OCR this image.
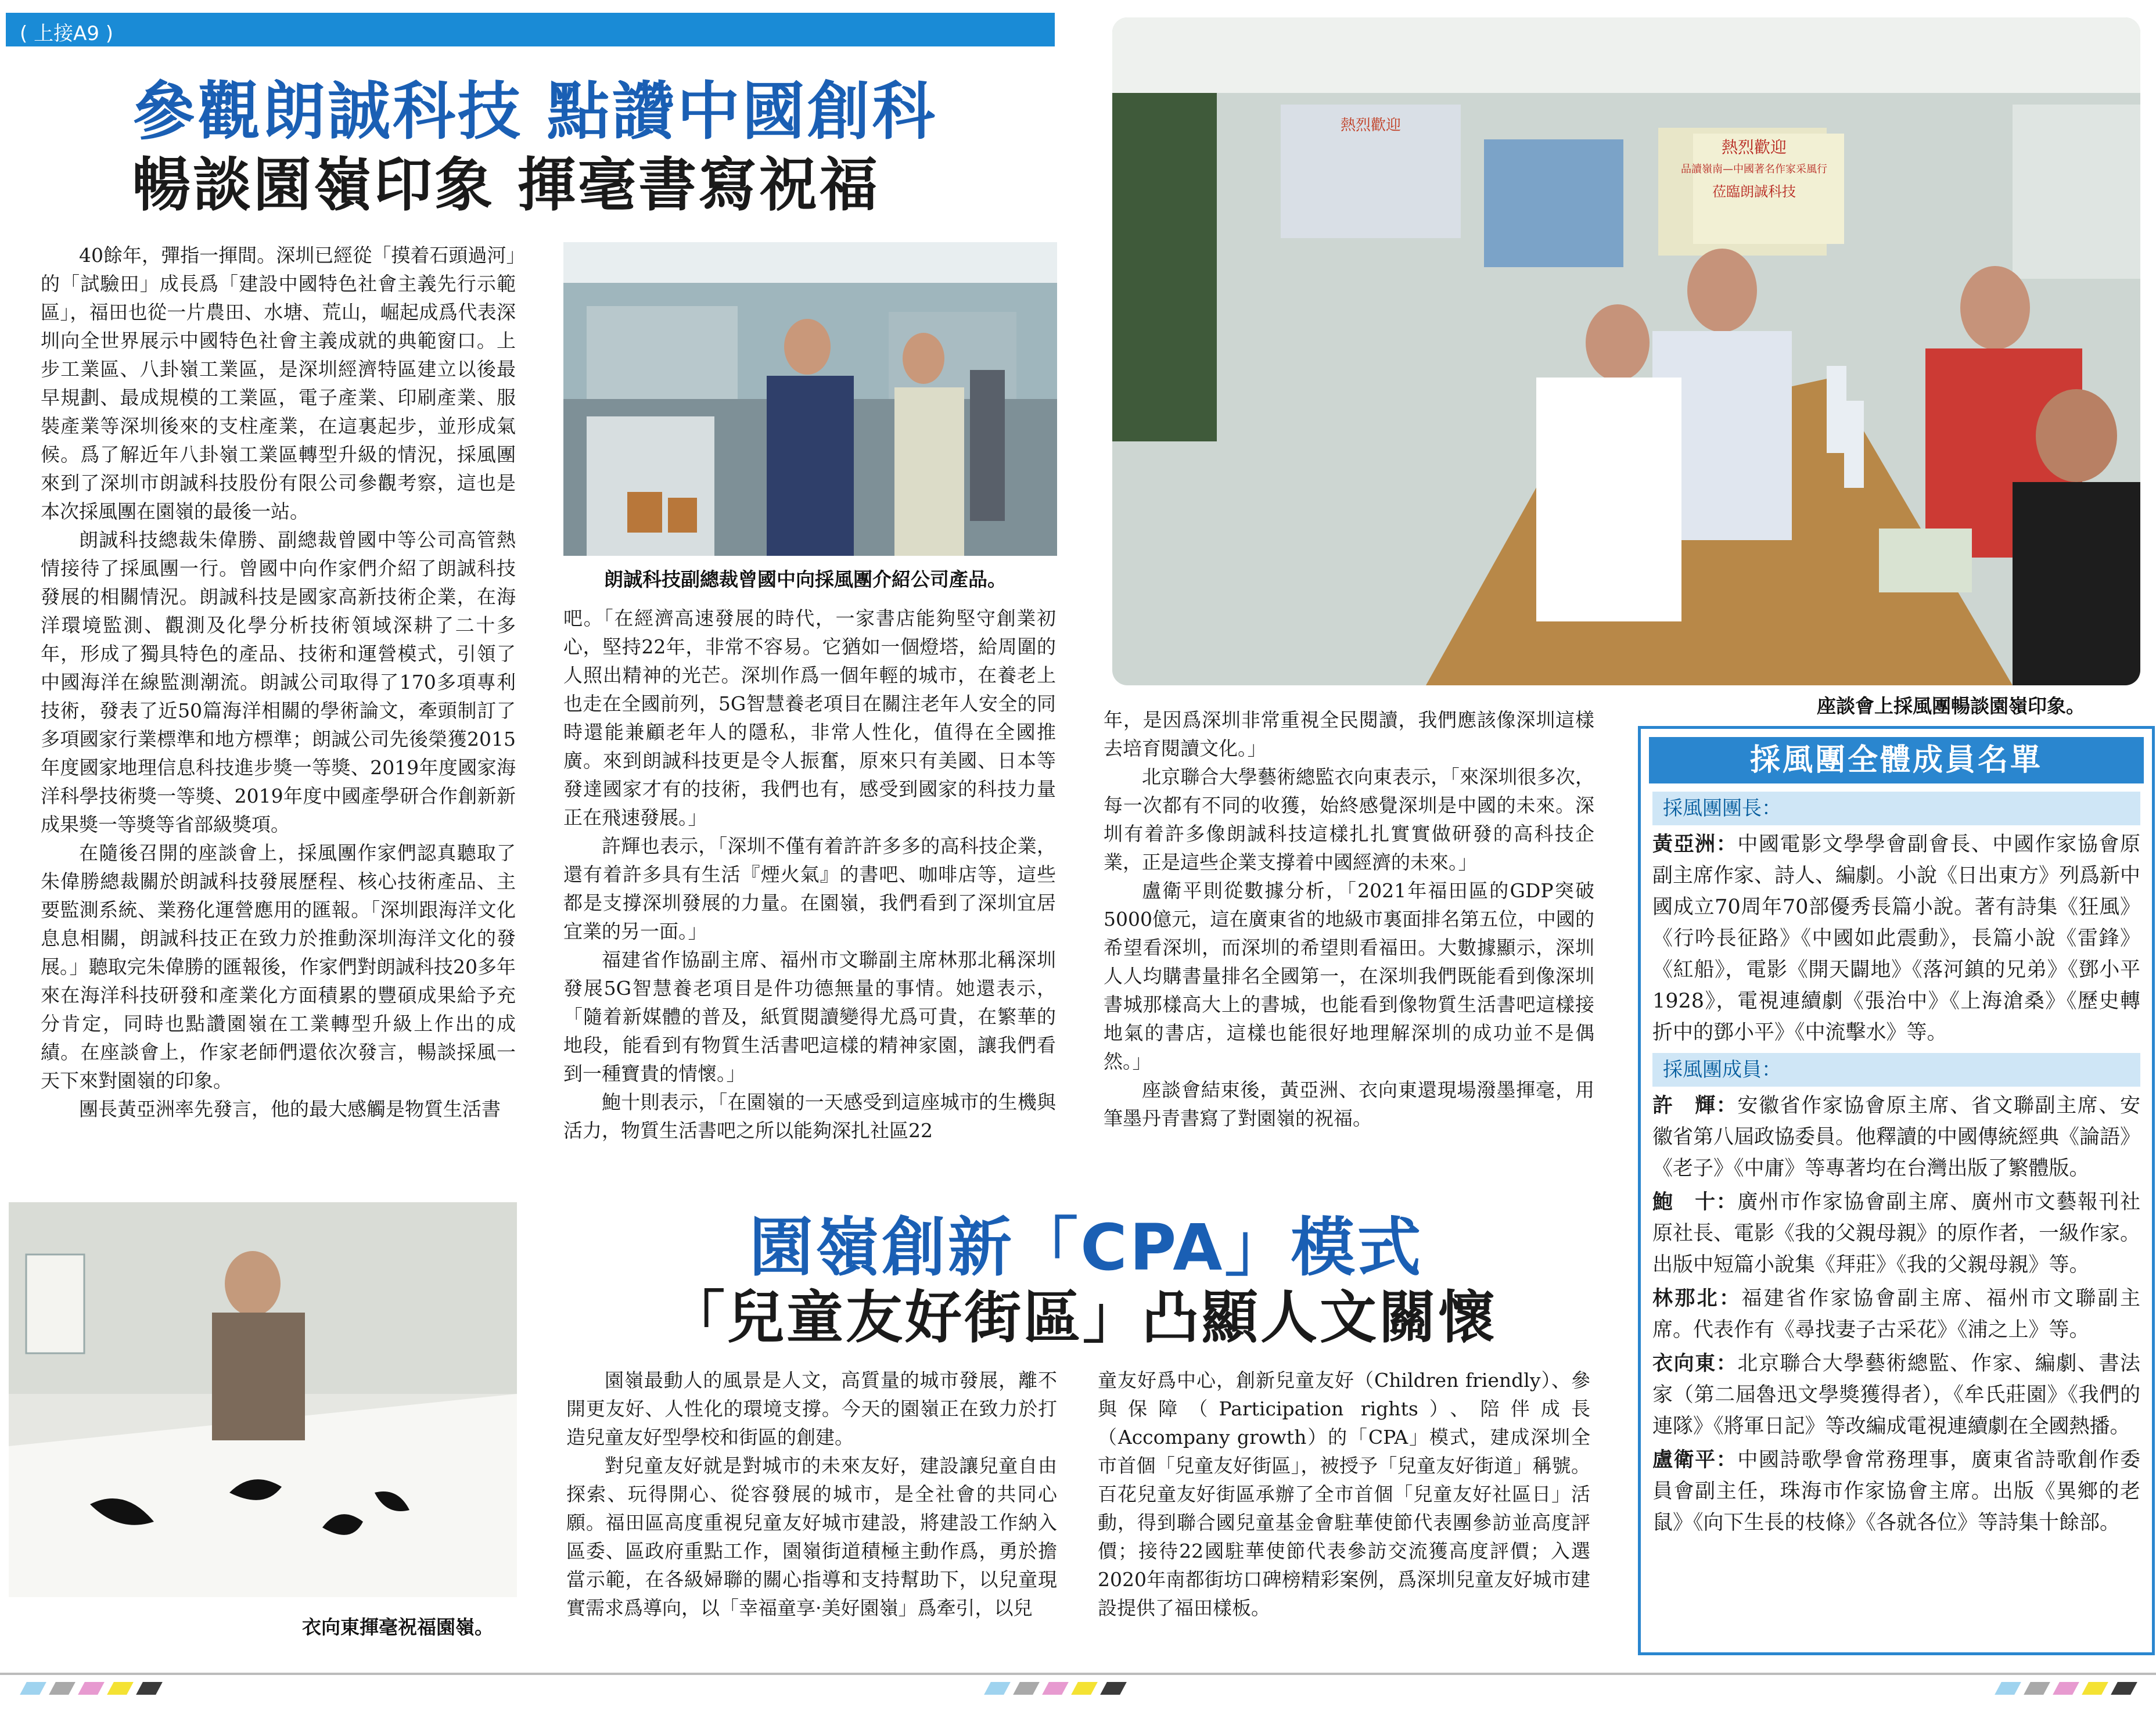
( 上接A9 )
參觀朗誠科技 點讚中國創科
暢談園嶺印象 揮毫書寫祝福

40餘年，彈指一揮間。深圳已經從「摸着石頭過河」的「試驗田」成長爲「建設中國特色社會主義先行示範區」，福田也從一片農田、水塘、荒山，崛起成爲代表深圳向全世界展示中國特色社會主義成就的典範窗口。上步工業區、八卦嶺工業區，是深圳經濟特區建立以後最早規劃、最成規模的工業區，電子產業、印刷產業、服裝產業等深圳後來的支柱產業，在這裏起步，並形成氣候。爲了解近年八卦嶺工業區轉型升級的情況，採風團來到了深圳市朗誠科技股份有限公司參觀考察，這也是本次採風團在園嶺的最後一站。

朗誠科技總裁朱偉勝、副總裁曾國中等公司高管熱情接待了採風團一行。曾國中向作家們介紹了朗誠科技發展的相關情況。朗誠科技是國家高新技術企業，在海洋環境監測、觀測及化學分析技術領域深耕了二十多年，形成了獨具特色的產品、技術和運營模式，引領了中國海洋在線監測潮流。朗誠公司取得了170多項專利技術，發表了近50篇海洋相關的學術論文，牽頭制訂了多項國家行業標準和地方標準；朗誠公司先後榮獲2015年度國家地理信息科技進步獎一等獎、2019年度國家海洋科學技術獎一等獎、2019年度中國產學研合作創新新成果獎一等獎等省部級獎項。

在隨後召開的座談會上，採風團作家們認真聽取了朱偉勝總裁關於朗誠科技發展歷程、核心技術產品、主要監測系統、業務化運營應用的匯報。「深圳跟海洋文化息息相關，朗誠科技正在致力於推動深圳海洋文化的發展。」聽取完朱偉勝的匯報後，作家們對朗誠科技20多年來在海洋科技研發和產業化方面積累的豐碩成果給予充分肯定，同時也點讚園嶺在工業轉型升級上作出的成績。在座談會上，作家老師們還依次發言，暢談採風一天下來對園嶺的印象。

團長黃亞洲率先發言，他的最大感觸是物質生活書

朗誠科技副總裁曾國中向採風團介紹公司產品。

吧。「在經濟高速發展的時代，一家書店能夠堅守創業初心，堅持22年，非常不容易。它猶如一個燈塔，給周圍的人照出精神的光芒。深圳作爲一個年輕的城市，在養老上也走在全國前列，5G智慧養老項目在關注老年人安全的同時還能兼顧老年人的隱私，非常人性化，值得在全國推廣。來到朗誠科技更是令人振奮，原來只有美國、日本等發達國家才有的技術，我們也有，感受到國家的科技力量正在飛速發展。」

許輝也表示，「深圳不僅有着許許多多的高科技企業，還有着許多具有生活『煙火氣』的書吧、咖啡店等，這些都是支撐深圳發展的力量。在園嶺，我們看到了深圳宜居宜業的另一面。」

福建省作協副主席、福州市文聯副主席林那北稱深圳發展5G智慧養老項目是件功德無量的事情。她還表示，「隨着新媒體的普及，紙質閱讀變得尤爲可貴，在繁華的地段，能看到有物質生活書吧這樣的精神家園，讓我們看到一種寶貴的情懷。」

鮑十則表示，「在園嶺的一天感受到這座城市的生機與活力，物質生活書吧之所以能夠深扎社區22

熱烈歡迎
熱烈歡迎
品讀嶺南—中國著名作家采風行
莅臨朗誠科技
座談會上採風團暢談園嶺印象。

年，是因爲深圳非常重視全民閱讀，我們應該像深圳這樣去培育閱讀文化。」

北京聯合大學藝術總監衣向東表示，「來深圳很多次，每一次都有不同的收獲，始終感覺深圳是中國的未來。深圳有着許多像朗誠科技這樣扎扎實實做研發的高科技企業，正是這些企業支撐着中國經濟的未來。」

盧衛平則從數據分析，「2021年福田區的GDP突破5000億元，這在廣東省的地級市裏面排名第五位，中國的希望看深圳，而深圳的希望則看福田。大數據顯示，深圳人人均購書量排名全國第一，在深圳我們既能看到像深圳書城那樣高大上的書城，也能看到像物質生活書吧這樣接地氣的書店，這樣也能很好地理解深圳的成功並不是偶然。」

座談會結束後，黃亞洲、衣向東還現場潑墨揮毫，用筆墨丹青書寫了對園嶺的祝福。

採風團全體成員名單
採風團團長：

黃亞洲：中國電影文學學會副會長、中國作家協會原副主席作家、詩人、編劇。小說《日出東方》列爲新中國成立70周年70部優秀長篇小說。著有詩集《狂風》《行吟長征路》《中國如此震動》，長篇小說《雷鋒》《紅船》，電影《開天闢地》《落河鎮的兄弟》《鄧小平1928》，電視連續劇《張治中》《上海滄桑》《歷史轉折中的鄧小平》《中流擊水》等。

採風團成員：

許　輝：安徽省作家協會原主席、省文聯副主席、安徽省第八屆政協委員。他釋讀的中國傳統經典《論語》《老子》《中庸》等專著均在台灣出版了繁體版。

鮑　十：廣州市作家協會副主席、廣州市文藝報刊社原社長、電影《我的父親母親》的原作者，一級作家。出版中短篇小說集《拜莊》《我的父親母親》等。

林那北：福建省作家協會副主席、福州市文聯副主席。代表作有《尋找妻子古采花》《浦之上》等。

衣向東：北京聯合大學藝術總監、作家、編劇、書法家（第二屆魯迅文學獎獲得者），《牟氏莊園》《我們的連隊》《將軍日記》等改編成電視連續劇在全國熱播。

盧衛平：中國詩歌學會常務理事，廣東省詩歌創作委員會副主任，珠海市作家協會主席。出版《異鄉的老鼠》《向下生長的枝條》《各就各位》等詩集十餘部。

衣向東揮毫祝福園嶺。
園嶺創新「CPA」模式
「兒童友好街區」凸顯人文關懷

園嶺最動人的風景是人文，高質量的城市發展，離不開更友好、人性化的環境支撐。今天的園嶺正在致力於打造兒童友好型學校和街區的創建。

對兒童友好就是對城市的未來友好，建設讓兒童自由探索、玩得開心、從容發展的城市，是全社會的共同心願。福田區高度重視兒童友好城市建設，將建設工作納入區委、區政府重點工作，園嶺街道積極主動作爲，勇於擔當示範，在各級婦聯的關心指導和支持幫助下，以兒童現實需求爲導向，以「幸福童享·美好園嶺」爲牽引，以兒

童友好爲中心，創新兒童友好（Children friendly）、參與保障（Participation rights）、陪伴成長（Accompany growth）的「CPA」模式，建成深圳全市首個「兒童友好街區」，被授予「兒童友好街道」稱號。百花兒童友好街區承辦了全市首個「兒童友好社區日」活動，得到聯合國兒童基金會駐華使節代表團參訪並高度評價；接待22國駐華使節代表參訪交流獲高度評價；入選2020年南都街坊口碑榜精彩案例，爲深圳兒童友好城市建設提供了福田樣板。
